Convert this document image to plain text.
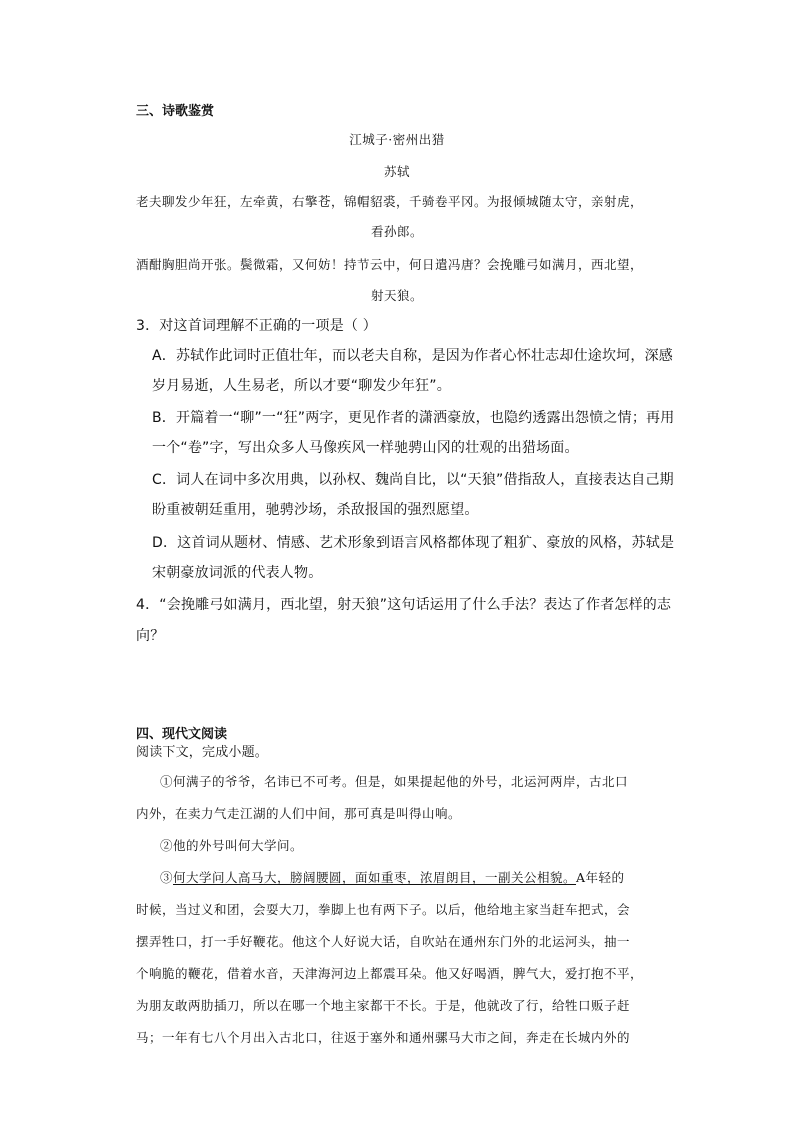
三、诗歌鉴赏
江城子·密州出猎
苏轼
老夫聊发少年狂，左牵黄，右擎苍，锦帽貂裘，千骑卷平冈。为报倾城随太守，亲射虎，
看孙郎。
酒酣胸胆尚开张。鬓微霜，又何妨！持节云中，何日遣冯唐？会挽雕弓如满月，西北望，
射天狼。
3．对这首词理解不正确的一项是（ ）
A．苏轼作此词时正值壮年，而以老夫自称，是因为作者心怀壮志却仕途坎坷，深感
岁月易逝，人生易老，所以才要“聊发少年狂”。
B．开篇着一“聊”一“狂”两字，更见作者的潇洒豪放，也隐约透露出怨愤之情；再用
一个“卷”字，写出众多人马像疾风一样驰骋山冈的壮观的出猎场面。
C．词人在词中多次用典，以孙权、魏尚自比，以“天狼”借指敌人，直接表达自己期
盼重被朝廷重用，驰骋沙场，杀敌报国的强烈愿望。
D．这首词从题材、情感、艺术形象到语言风格都体现了粗犷、豪放的风格，苏轼是
宋朝豪放词派的代表人物。
4．“会挽雕弓如满月，西北望，射天狼”这句话运用了什么手法？表达了作者怎样的志
向？
四、现代文阅读
阅读下文，完成小题。
①何满子的爷爷，名讳已不可考。但是，如果提起他的外号，北运河两岸，古北口
内外，在卖力气走江湖的人们中间，那可真是叫得山响。
②他的外号叫何大学问。
③何大学问人高马大，膀阔腰圆，面如重枣，浓眉朗目，一副关公相貌。A年轻的
时候，当过义和团，会耍大刀，拳脚上也有两下子。以后，他给地主家当赶车把式，会
摆弄牲口，打一手好鞭花。他这个人好说大话，自吹站在通州东门外的北运河头，抽一
个响脆的鞭花，借着水音，天津海河边上都震耳朵。他又好喝酒，脾气大，爱打抱不平，
为朋友敢两肋插刀，所以在哪一个地主家都干不长。于是，他就改了行，给牲口贩子赶
马；一年有七八个月出入古北口，往返于塞外和通州骡马大市之间，奔走在长城内外的
